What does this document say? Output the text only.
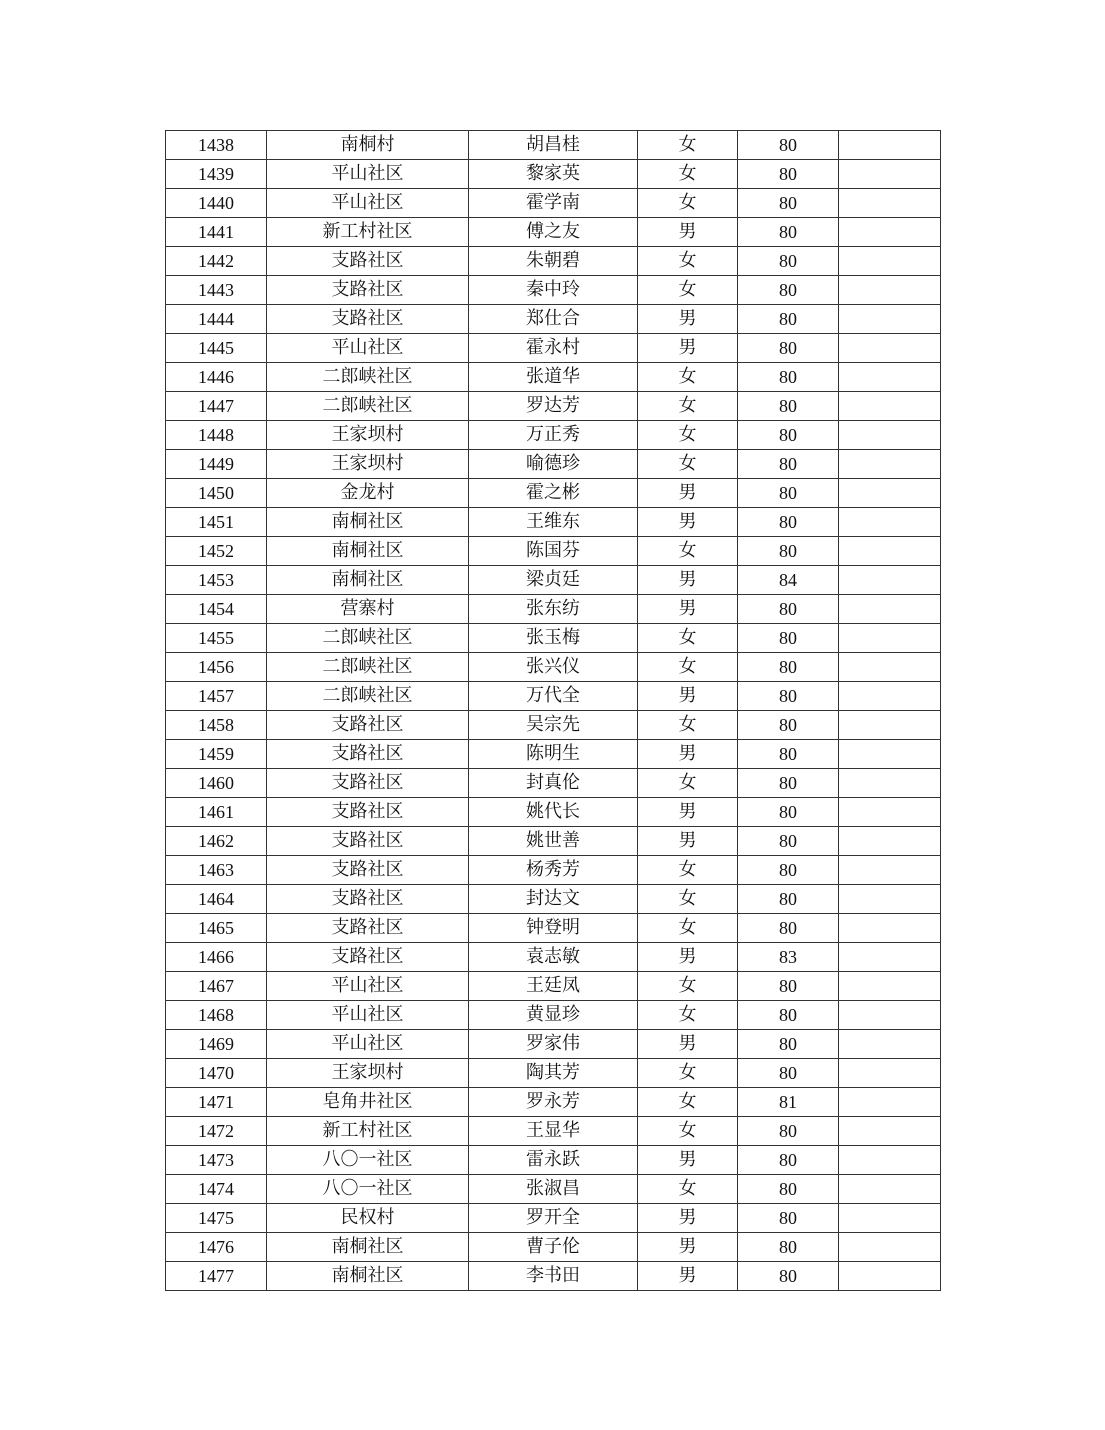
1438	南桐村	胡昌桂	女	80	
1439	平山社区	黎家英	女	80	
1440	平山社区	霍学南	女	80	
1441	新工村社区	傅之友	男	80	
1442	支路社区	朱朝碧	女	80	
1443	支路社区	秦中玲	女	80	
1444	支路社区	郑仕合	男	80	
1445	平山社区	霍永村	男	80	
1446	二郎峡社区	张道华	女	80	
1447	二郎峡社区	罗达芳	女	80	
1448	王家坝村	万正秀	女	80	
1449	王家坝村	喻德珍	女	80	
1450	金龙村	霍之彬	男	80	
1451	南桐社区	王维东	男	80	
1452	南桐社区	陈国芬	女	80	
1453	南桐社区	梁贞廷	男	84	
1454	营寨村	张东纺	男	80	
1455	二郎峡社区	张玉梅	女	80	
1456	二郎峡社区	张兴仪	女	80	
1457	二郎峡社区	万代全	男	80	
1458	支路社区	吴宗先	女	80	
1459	支路社区	陈明生	男	80	
1460	支路社区	封真伦	女	80	
1461	支路社区	姚代长	男	80	
1462	支路社区	姚世善	男	80	
1463	支路社区	杨秀芳	女	80	
1464	支路社区	封达文	女	80	
1465	支路社区	钟登明	女	80	
1466	支路社区	袁志敏	男	83	
1467	平山社区	王廷凤	女	80	
1468	平山社区	黄显珍	女	80	
1469	平山社区	罗家伟	男	80	
1470	王家坝村	陶其芳	女	80	
1471	皂角井社区	罗永芳	女	81	
1472	新工村社区	王显华	女	80	
1473	八〇一社区	雷永跃	男	80	
1474	八〇一社区	张淑昌	女	80	
1475	民权村	罗开全	男	80	
1476	南桐社区	曹子伦	男	80	
1477	南桐社区	李书田	男	80	
